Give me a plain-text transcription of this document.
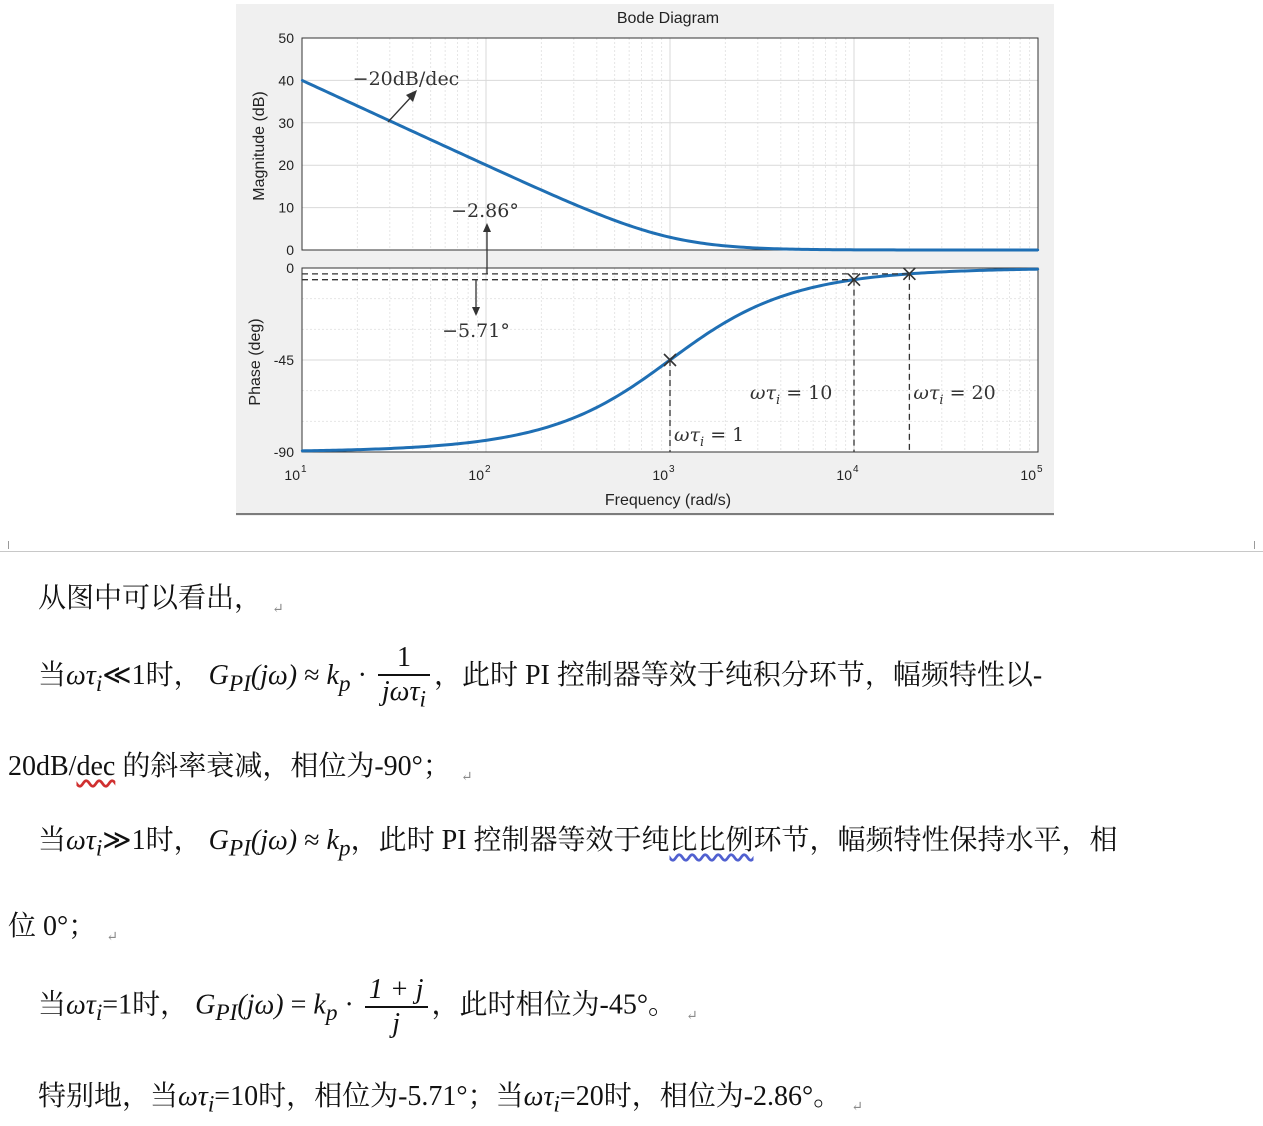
Bode Diagram
Frequency (rad/s)
Magnitude (dB)
Phase (deg)
0
10
20
30
40
50
0
-45
-90
10 1	10 2	10 3	10 4	10 5
−20dB/dec
−2.86°
−5.71°
$\omega\tau_i = 1$
$\omega\tau_i = 10$	$\omega\tau_i = 20$
从图中可以看出， $_↵$
当$\omega\tau_i≪1$时， $G_{PI}(j\omega) \approx k_p \cdot \frac{1}{j\omega\tau_i}$ ，此时 PI 控制器等效于纯积分环节，幅频特性以-
20dB/dec 的斜率衰减，相位为-90°； $_↵$
当$\omega\tau_i≫1$时， $G_{PI}(j\omega) \approx k_p$，此时 PI 控制器等效于纯比比例环节，幅频特性保持水平，相
位 0°； $_↵$
当$\omega\tau_i=1$时， $G_{PI}(j\omega) = k_p \cdot \frac{1 + j}{j}$ ，此时相位为-45°。 $_↵$
特别地，当$\omega\tau_i=10$时，相位为-5.71°；当$\omega\tau_i=20$时，相位为-2.86°。 $_↵$
